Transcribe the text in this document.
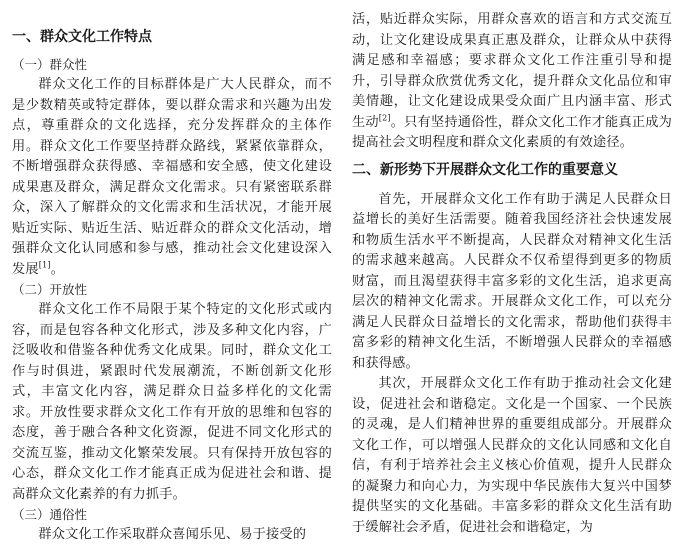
一、群众文化工作特点
（一）群众性

群众文化工作的目标群体是广大人民群众，而不是少数精英或特定群体，要以群众需求和兴趣为出发点，尊重群众的文化选择，充分发挥群众的主体作用。群众文化工作要坚持群众路线，紧紧依靠群众，不断增强群众获得感、幸福感和安全感，使文化建设成果惠及群众，满足群众文化需求。只有紧密联系群众，深入了解群众的文化需求和生活状况，才能开展贴近实际、贴近生活、贴近群众的群众文化活动，增强群众文化认同感和参与感，推动社会文化建设深入发展[1]。

（二）开放性

群众文化工作不局限于某个特定的文化形式或内容，而是包容各种文化形式，涉及多种文化内容，广泛吸收和借鉴各种优秀文化成果。同时，群众文化工作与时俱进，紧跟时代发展潮流，不断创新文化形式，丰富文化内容，满足群众日益多样化的文化需求。开放性要求群众文化工作有开放的思维和包容的态度，善于融合各种文化资源，促进不同文化形式的交流互鉴，推动文化繁荣发展。只有保持开放包容的心态，群众文化工作才能真正成为促进社会和谐、提高群众文化素养的有力抓手。

（三）通俗性

群众文化工作采取群众喜闻乐见、易于接受的

活，贴近群众实际，用群众喜欢的语言和方式交流互动，让文化建设成果真正惠及群众，让群众从中获得满足感和幸福感；要求群众文化工作注重引导和提升，引导群众欣赏优秀文化，提升群众文化品位和审美情趣，让文化建设成果受众面广且内涵丰富、形式生动[2]。只有坚持通俗性，群众文化工作才能真正成为提高社会文明程度和群众文化素质的有效途径。

二、新形势下开展群众文化工作的重要意义

首先，开展群众文化工作有助于满足人民群众日益增长的美好生活需要。随着我国经济社会快速发展和物质生活水平不断提高，人民群众对精神文化生活的需求越来越高。人民群众不仅希望得到更多的物质财富，而且渴望获得丰富多彩的文化生活，追求更高层次的精神文化需求。开展群众文化工作，可以充分满足人民群众日益增长的文化需求，帮助他们获得丰富多彩的精神文化生活，不断增强人民群众的幸福感和获得感。

其次，开展群众文化工作有助于推动社会文化建设，促进社会和谐稳定。文化是一个国家、一个民族的灵魂，是人们精神世界的重要组成部分。开展群众文化工作，可以增强人民群众的文化认同感和文化自信，有利于培养社会主义核心价值观，提升人民群众的凝聚力和向心力，为实现中华民族伟大复兴中国梦提供坚实的文化基础。丰富多彩的群众文化生活有助于缓解社会矛盾，促进社会和谐稳定，为
